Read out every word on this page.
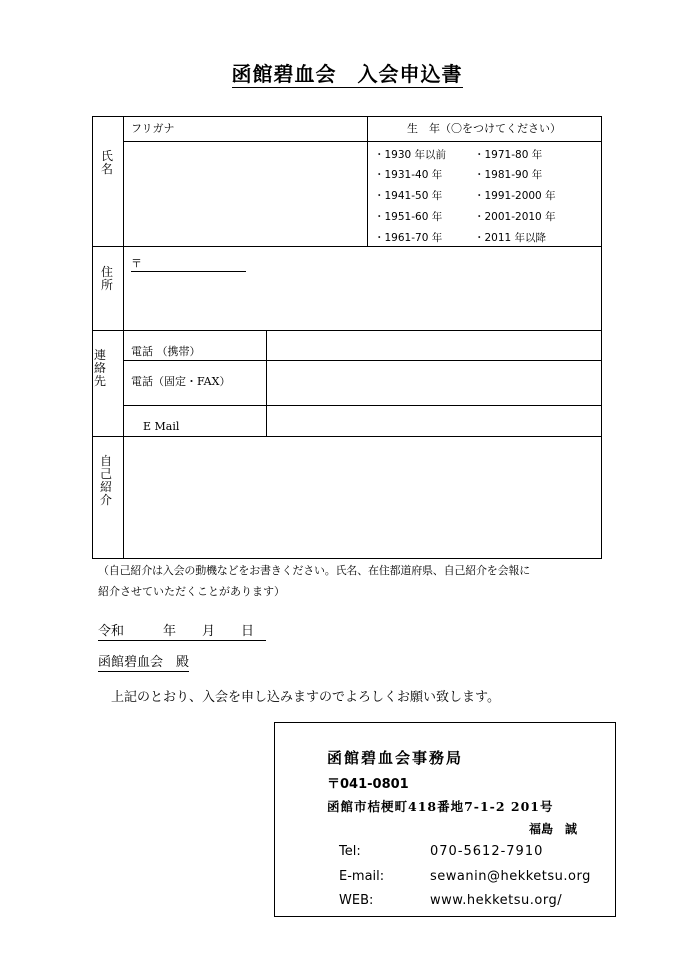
函館碧血会　入会申込書
氏名
フリガナ	生　年（〇をつけてください）
・1930 年以前	・1971-80 年
・1931-40 年	・1981-90 年
・1941-50 年	・1991-2000 年
・1951-60 年	・2001-2010 年
・1961-70 年	・2011 年以降
住所
〒
連絡先
電話 （携帯）
電話（固定・FAX）
E Mail
自己紹介
（自己紹介は入会の動機などをお書きください。氏名、在住都道府県、自己紹介を会報に
紹介させていただくことがあります）
令和　　　年　　月　　日
函館碧血会　殿
上記のとおり、入会を申し込みますのでよろしくお願い致します。
函館碧血会事務局
〒041-0801
函館市桔梗町418番地7-1-2 201号
福島　誠
Tel:	070-5612-7910
E-mail:	sewanin@hekketsu.org
WEB:	www.hekketsu.org/
